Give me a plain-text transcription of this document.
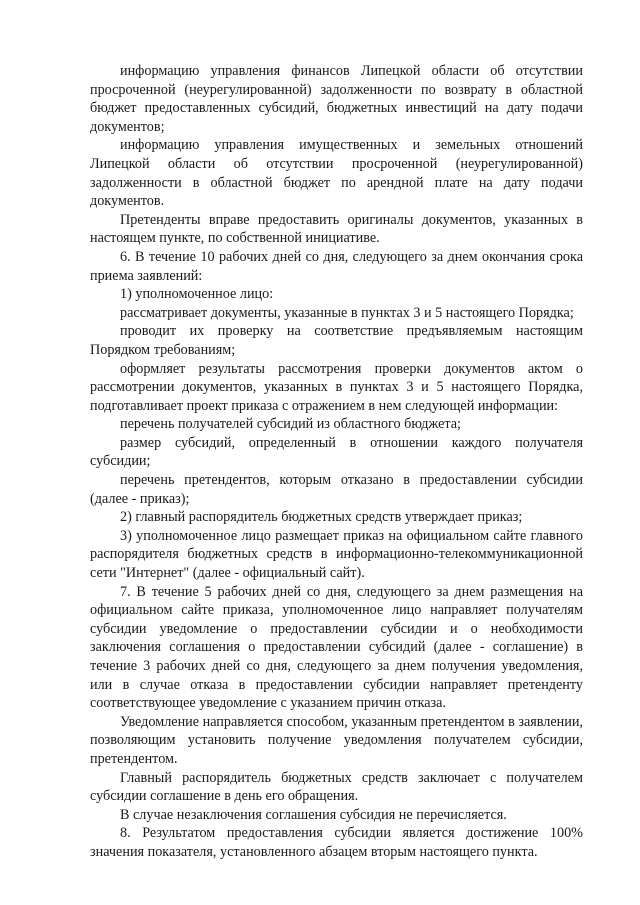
информацию управления финансов Липецкой области об отсутствии просроченной (неурегулированной) задолженности по возврату в областной бюджет предоставленных субсидий, бюджетных инвестиций на дату подачи документов;

информацию управления имущественных и земельных отношений Липецкой области об отсутствии просроченной (неурегулированной) задолженности в областной бюджет по арендной плате на дату подачи документов.

Претенденты вправе предоставить оригиналы документов, указанных в настоящем пункте, по собственной инициативе.

6. В течение 10 рабочих дней со дня, следующего за днем окончания срока приема заявлений:

1) уполномоченное лицо:

рассматривает документы, указанные в пунктах 3 и 5 настоящего Порядка;

проводит их проверку на соответствие предъявляемым настоящим Порядком требованиям;

оформляет результаты рассмотрения проверки документов актом о рассмотрении документов, указанных в пунктах 3 и 5 настоящего Порядка, подготавливает проект приказа с отражением в нем следующей информации:

перечень получателей субсидий из областного бюджета;

размер субсидий, определенный в отношении каждого получателя субсидии;

перечень претендентов, которым отказано в предоставлении субсидии (далее - приказ);

2) главный распорядитель бюджетных средств утверждает приказ;

3) уполномоченное лицо размещает приказ на официальном сайте главного распорядителя бюджетных средств в информационно-телекоммуникационной сети "Интернет" (далее - официальный сайт).

7. В течение 5 рабочих дней со дня, следующего за днем размещения на официальном сайте приказа, уполномоченное лицо направляет получателям субсидии уведомление о предоставлении субсидии и о необходимости заключения соглашения о предоставлении субсидий (далее - соглашение) в течение 3 рабочих дней со дня, следующего за днем получения уведомления, или в случае отказа в предоставлении субсидии направляет претенденту соответствующее уведомление с указанием причин отказа.

Уведомление направляется способом, указанным претендентом в заявлении, позволяющим установить получение уведомления получателем субсидии, претендентом.

Главный распорядитель бюджетных средств заключает с получателем субсидии соглашение в день его обращения.

В случае незаключения соглашения субсидия не перечисляется.

8. Результатом предоставления субсидии является достижение 100% значения показателя, установленного абзацем вторым настоящего пункта.
